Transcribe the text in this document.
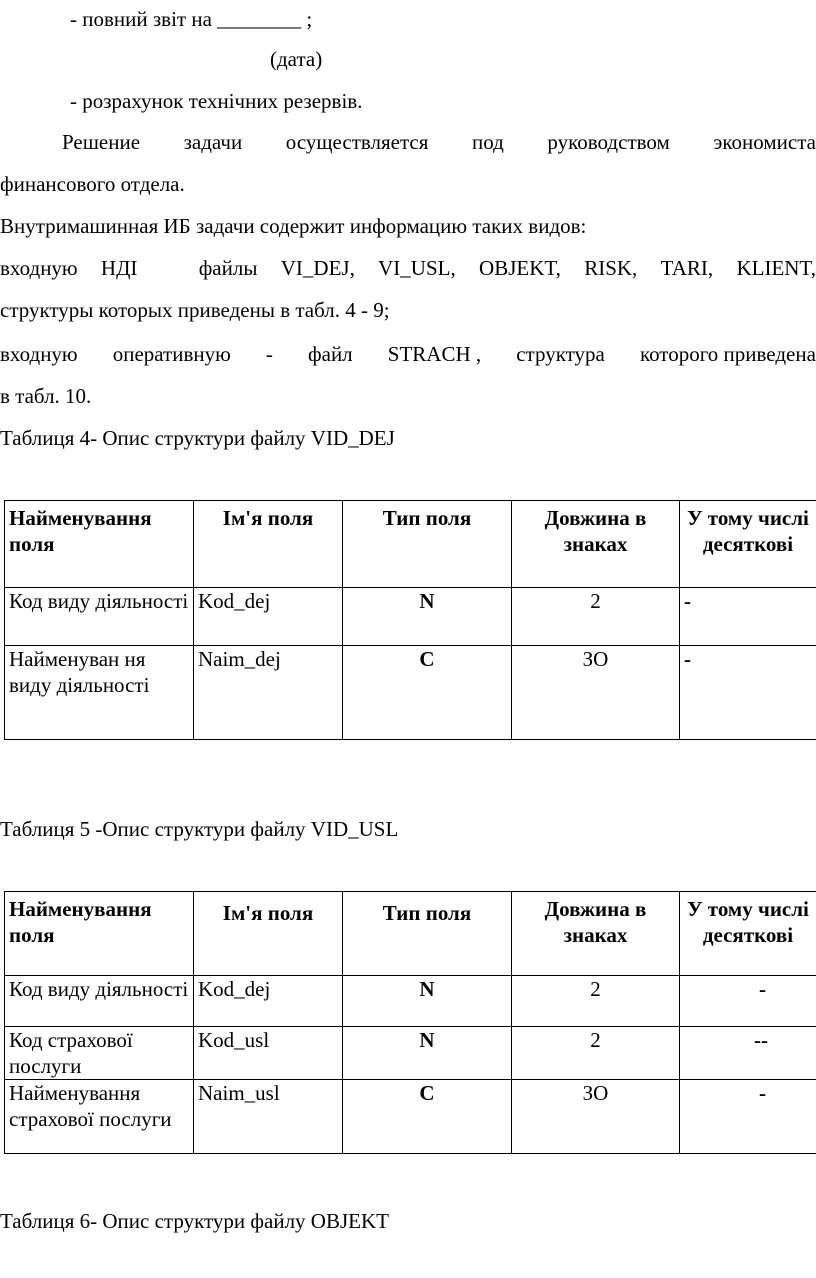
- повний звіт на ________ ;
(дата)
- розрахунок технічних резервів.
Решение задачи осуществляется под руководством экономиста
финансового отдела.
Внутримашинная ИБ задачи содержит информацию таких видов:
входную НДІ	файлы VI_DEJ, VI_USL, OBJEKT, RISK, TARI, KLIENT,
структуры которых приведены в табл. 4 - 9;
входную оперативную - файл STRACH , структура которого приведена
в табл. 10.
Таблиця 4- Опис структури файлу VID_DEJ
Найменування поля	Ім'я поля	Тип поля	Довжина в знаках	У тому числі десяткові
Код виду діяльності	Kod_dej	N	2	-
Найменуван ня виду діяльності	Naim_dej	C	ЗО	-
Таблиця 5 -Опис структури файлу VID_USL
Найменування поля	Ім'я поля	Тип поля	Довжина в знаках	У тому числі десяткові
Код виду діяльності	Kod_dej	N	2	-
Код страхової послуги	Kod_usl	N	2	--
Найменування страхової послуги	Naim_usl	C	ЗО	-
Таблиця 6- Опис структури файлу OBJEKT
